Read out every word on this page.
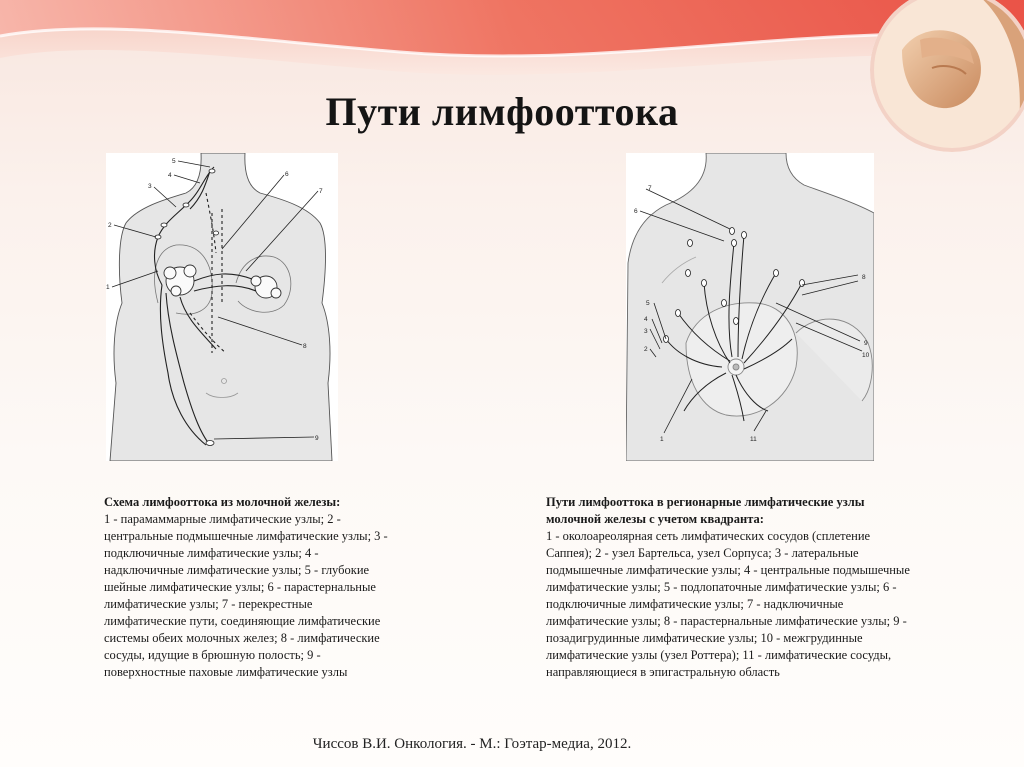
Пути лимфооттока
1
2
3
4
5
6
7
8
9
7
6
8
9
10
5
4
3
2
1	11
Схема лимфооттока из молочной железы:
1 - парамаммарные лимфатические узлы; 2 - центральные подмышечные лимфатические узлы; 3 - подключичные лимфатические узлы; 4 - надключичные лимфатические узлы; 5 - глубокие шейные лимфатические узлы; 6 - парастернальные лимфатические узлы; 7 - перекрестные лимфатические пути, соединяющие лимфатические системы обеих молочных желез; 8 - лимфатические сосуды, идущие в брюшную полость; 9 - поверхностные паховые лимфатические узлы
Пути лимфооттока в регионарные лимфатические узлы молочной железы с учетом квадранта:
1 - околоареолярная сеть лимфатических сосудов (сплетение Саппея); 2 - узел Бартельса, узел Сорпуса; 3 - латеральные подмышечные лимфатические узлы; 4 - центральные подмышечные лимфатические узлы; 5 - подлопаточные лимфатические узлы; 6 - подключичные лимфатические узлы; 7 - надключичные лимфатические узлы; 8 - парастернальные лимфатические узлы; 9 - позадигрудинные лимфатические узлы; 10 - межгрудинные лимфатические узлы (узел Роттера); 11 - лимфатические сосуды, направляющиеся в эпигастральную область
Чиссов В.И. Онкология. - М.: Гоэтар-медиа, 2012.
